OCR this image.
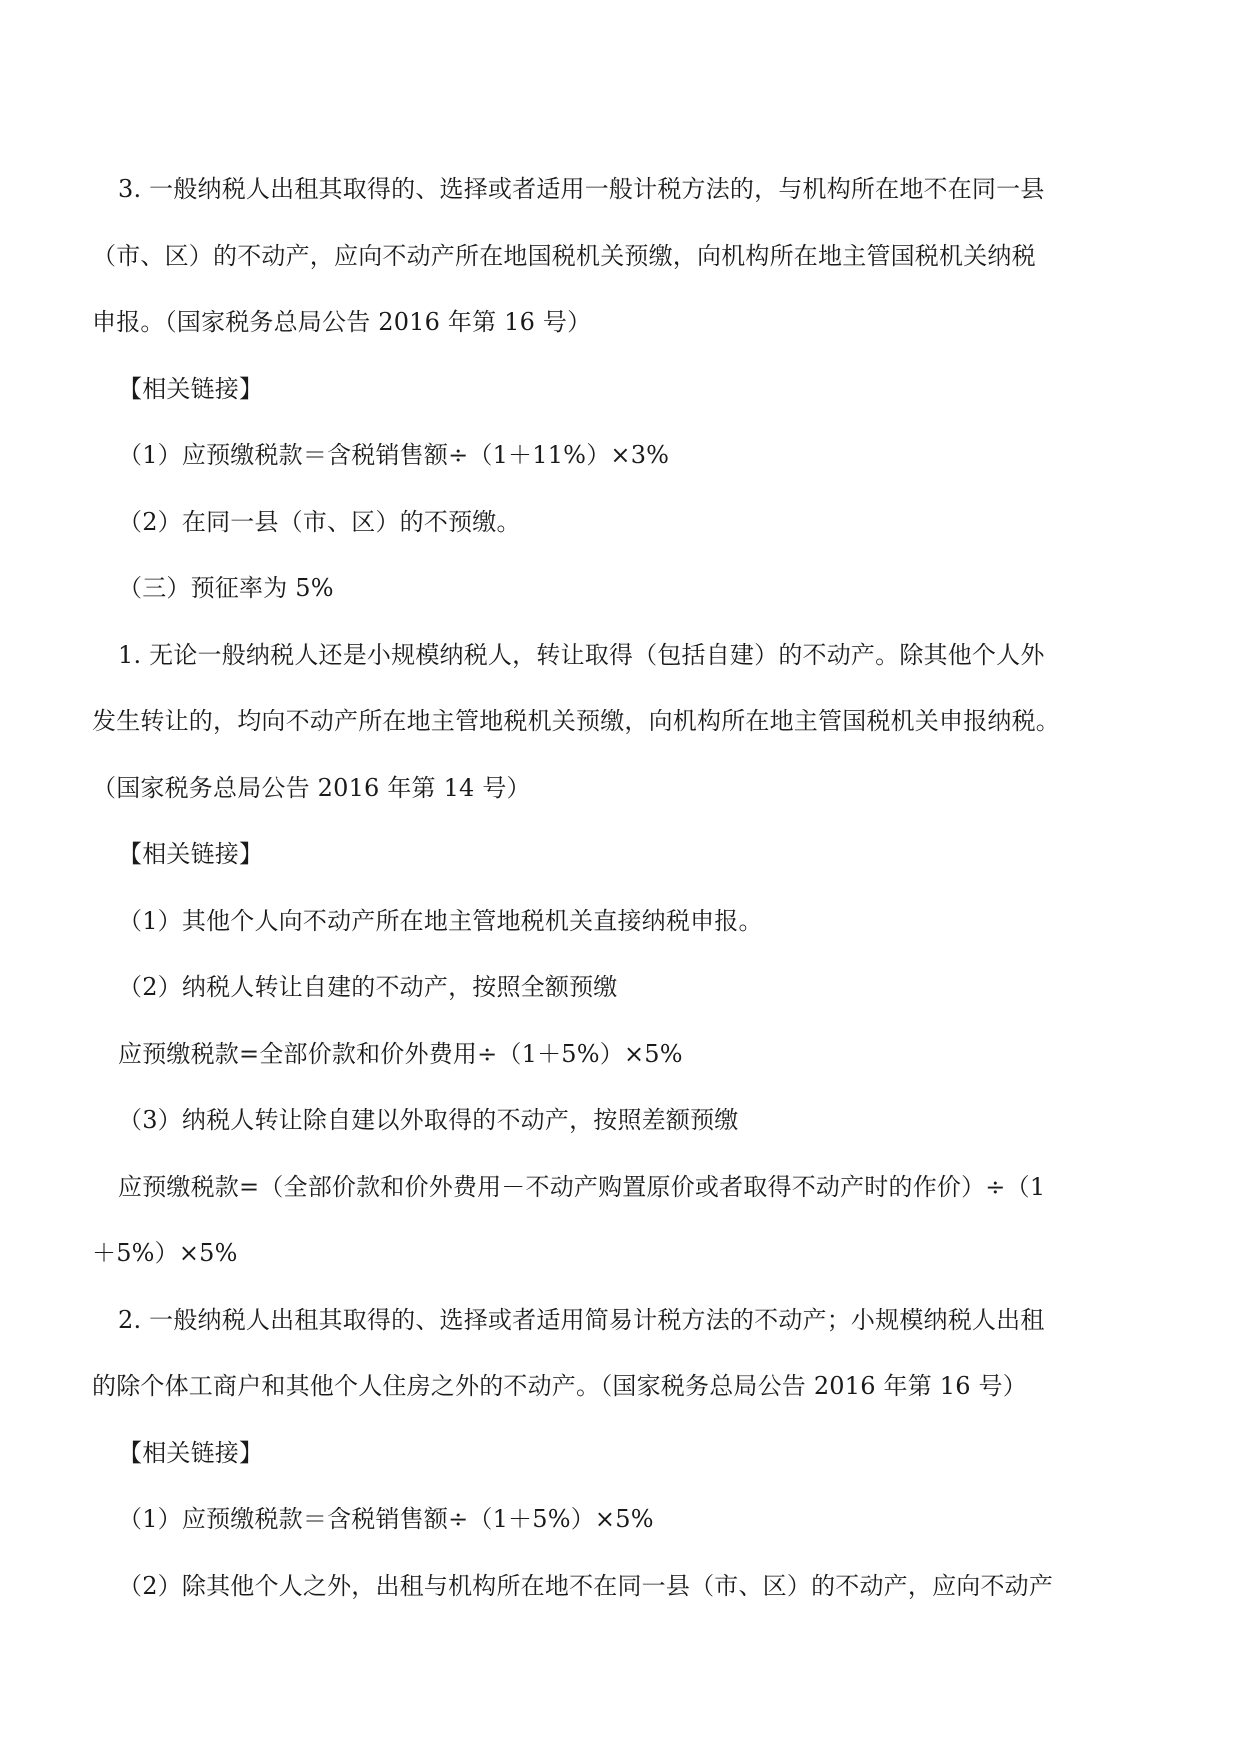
3. 一般纳税人出租其取得的、选择或者适用一般计税方法的，与机构所在地不在同一县
（市、区）的不动产，应向不动产所在地国税机关预缴，向机构所在地主管国税机关纳税
申报。（国家税务总局公告 2016 年第 16 号）
【相关链接】
（1）应预缴税款＝含税销售额÷（1＋11%）×3%
（2）在同一县（市、区）的不预缴。
（三）预征率为 5%
1. 无论一般纳税人还是小规模纳税人，转让取得（包括自建）的不动产。除其他个人外
发生转让的，均向不动产所在地主管地税机关预缴，向机构所在地主管国税机关申报纳税。
（国家税务总局公告 2016 年第 14 号）
【相关链接】
（1）其他个人向不动产所在地主管地税机关直接纳税申报。
（2）纳税人转让自建的不动产，按照全额预缴
应预缴税款=全部价款和价外费用÷（1＋5%）×5%
（3）纳税人转让除自建以外取得的不动产，按照差额预缴
应预缴税款=（全部价款和价外费用－不动产购置原价或者取得不动产时的作价）÷（1
＋5%）×5%
2. 一般纳税人出租其取得的、选择或者适用简易计税方法的不动产；小规模纳税人出租
的除个体工商户和其他个人住房之外的不动产。（国家税务总局公告 2016 年第 16 号）
【相关链接】
（1）应预缴税款＝含税销售额÷（1＋5%）×5%
（2）除其他个人之外，出租与机构所在地不在同一县（市、区）的不动产，应向不动产
